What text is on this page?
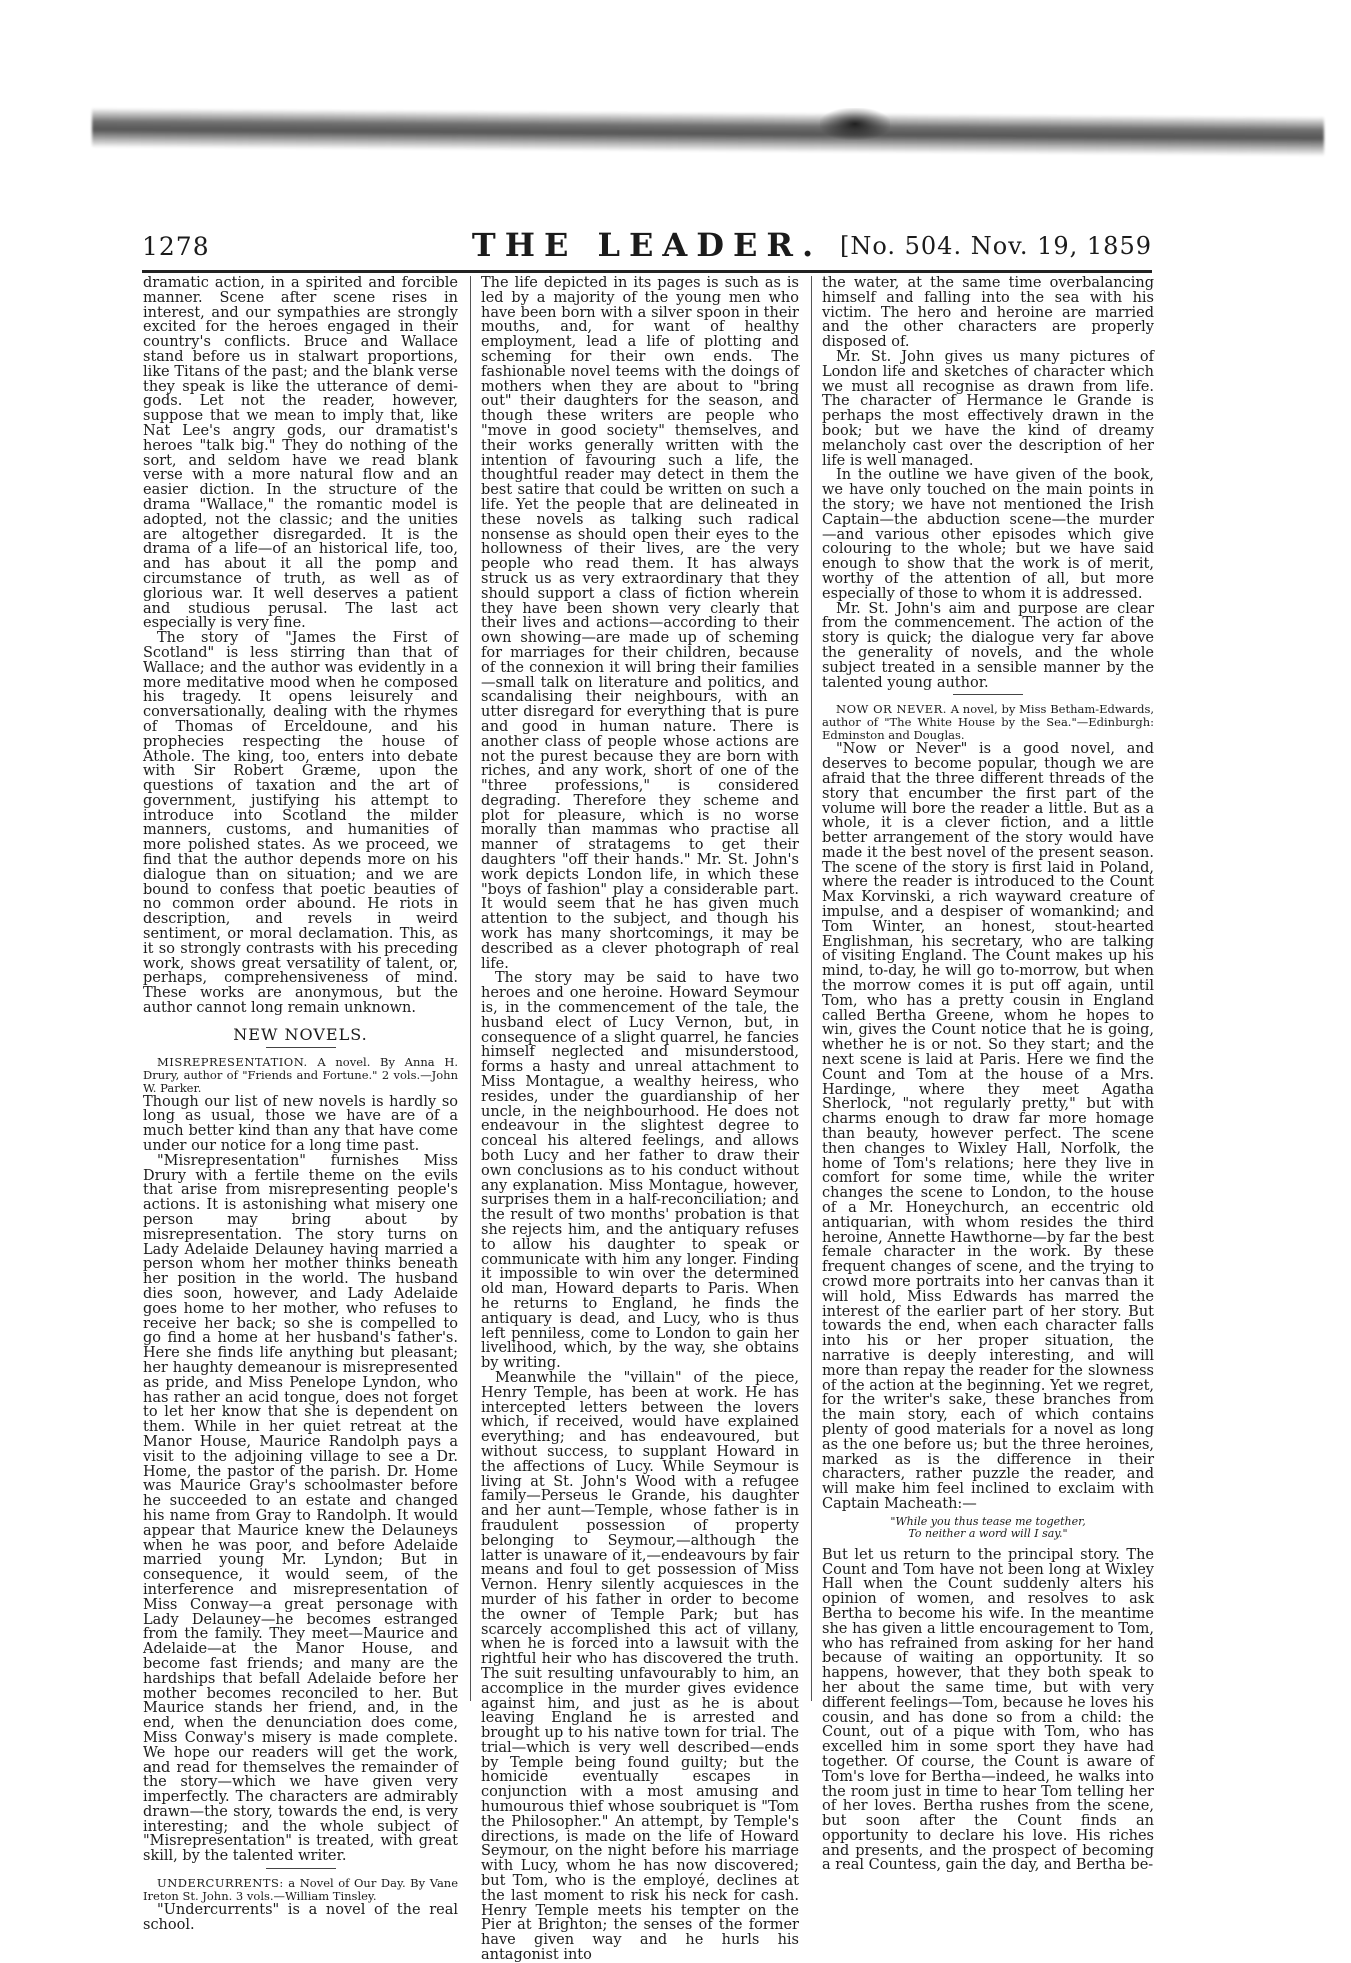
1278	THE LEADER. [No. 504. Nov. 19, 1859

dramatic action, in a spirited and forcible manner. Scene after scene rises in interest, and our sympathies are strongly excited for the heroes engaged in their country's conflicts. Bruce and Wallace stand before us in stalwart proportions, like Titans of the past; and the blank verse they speak is like the utterance of demi-gods. Let not the reader, however, suppose that we mean to imply that, like Nat Lee's angry gods, our dramatist's heroes "talk big." They do nothing of the sort, and seldom have we read blank verse with a more natural flow and an easier diction. In the structure of the drama "Wallace," the romantic model is adopted, not the classic; and the unities are altogether disregarded. It is the drama of a life—of an historical life, too, and has about it all the pomp and circumstance of truth, as well as of glorious war. It well deserves a patient and studious perusal. The last act especially is very fine.

The story of "James the First of Scotland" is less stirring than that of Wallace; and the author was evidently in a more meditative mood when he composed his tragedy. It opens leisurely and conversationally, dealing with the rhymes of Thomas of Erceldoune, and his prophecies respecting the house of Athole. The king, too, enters into debate with Sir Robert Græme, upon the questions of taxation and the art of government, justifying his attempt to introduce into Scotland the milder manners, customs, and humanities of more polished states. As we proceed, we find that the author depends more on his dialogue than on situation; and we are bound to confess that poetic beauties of no common order abound. He riots in description, and revels in weird sentiment, or moral declamation. This, as it so strongly contrasts with his preceding work, shows great versatility of talent, or, perhaps, comprehensiveness of mind. These works are anonymous, but the author cannot long remain unknown.

NEW NOVELS.

MISREPRESENTATION. A novel. By Anna H. Drury, author of "Friends and Fortune." 2 vols.—John W. Parker.

Though our list of new novels is hardly so long as usual, those we have are of a much better kind than any that have come under our notice for a long time past.

"Misrepresentation" furnishes Miss Drury with a fertile theme on the evils that arise from misrepresenting people's actions. It is astonishing what misery one person may bring about by misrepresentation. The story turns on Lady Adelaide Delauney having married a person whom her mother thinks beneath her position in the world. The husband dies soon, however, and Lady Adelaide goes home to her mother, who refuses to receive her back; so she is compelled to go find a home at her husband's father's. Here she finds life anything but pleasant; her haughty demeanour is misrepresented as pride, and Miss Penelope Lyndon, who has rather an acid tongue, does not forget to let her know that she is dependent on them. While in her quiet retreat at the Manor House, Maurice Randolph pays a visit to the adjoining village to see a Dr. Home, the pastor of the parish. Dr. Home was Maurice Gray's schoolmaster before he succeeded to an estate and changed his name from Gray to Randolph. It would appear that Maurice knew the Delauneys when he was poor, and before Adelaide married young Mr. Lyndon; But in consequence, it would seem, of the interference and misrepresentation of Miss Conway—a great personage with Lady Delauney—he becomes estranged from the family. They meet—Maurice and Adelaide—at the Manor House, and become fast friends; and many are the hardships that befall Adelaide before her mother becomes reconciled to her. But Maurice stands her friend, and, in the end, when the denunciation does come, Miss Conway's misery is made complete. We hope our readers will get the work, and read for themselves the remainder of the story—which we have given very imperfectly. The characters are admirably drawn—the story, towards the end, is very interesting; and the whole subject of "Misrepresentation" is treated, with great skill, by the talented writer.

UNDERCURRENTS: a Novel of Our Day. By Vane Ireton St. John. 3 vols.—William Tinsley.

"Undercurrents" is a novel of the real school.

The life depicted in its pages is such as is led by a majority of the young men who have been born with a silver spoon in their mouths, and, for want of healthy employment, lead a life of plotting and scheming for their own ends. The fashionable novel teems with the doings of mothers when they are about to "bring out" their daughters for the season, and though these writers are people who "move in good society" themselves, and their works generally written with the intention of favouring such a life, the thoughtful reader may detect in them the best satire that could be written on such a life. Yet the people that are delineated in these novels as talking such radical nonsense as should open their eyes to the hollowness of their lives, are the very people who read them. It has always struck us as very extraordinary that they should support a class of fiction wherein they have been shown very clearly that their lives and actions—according to their own showing—are made up of scheming for marriages for their children, because of the connexion it will bring their families—small talk on literature and politics, and scandalising their neighbours, with an utter disregard for everything that is pure and good in human nature. There is another class of people whose actions are not the purest because they are born with riches, and any work, short of one of the "three professions," is considered degrading. Therefore they scheme and plot for pleasure, which is no worse morally than mammas who practise all manner of stratagems to get their daughters "off their hands." Mr. St. John's work depicts London life, in which these "boys of fashion" play a considerable part. It would seem that he has given much attention to the subject, and though his work has many shortcomings, it may be described as a clever photograph of real life.

The story may be said to have two heroes and one heroine. Howard Seymour is, in the commencement of the tale, the husband elect of Lucy Vernon, but, in consequence of a slight quarrel, he fancies himself neglected and misunderstood, forms a hasty and unreal attachment to Miss Montague, a wealthy heiress, who resides, under the guardianship of her uncle, in the neighbourhood. He does not endeavour in the slightest degree to conceal his altered feelings, and allows both Lucy and her father to draw their own conclusions as to his conduct without any explanation. Miss Montague, however, surprises them in a half-reconciliation; and the result of two months' probation is that she rejects him, and the antiquary refuses to allow his daughter to speak or communicate with him any longer. Finding it impossible to win over the determined old man, Howard departs to Paris. When he returns to England, he finds the antiquary is dead, and Lucy, who is thus left penniless, come to London to gain her livelihood, which, by the way, she obtains by writing.

Meanwhile the "villain" of the piece, Henry Temple, has been at work. He has intercepted letters between the lovers which, if received, would have explained everything; and has endeavoured, but without success, to supplant Howard in the affections of Lucy. While Seymour is living at St. John's Wood with a refugee family—Perseus le Grande, his daughter and her aunt—Temple, whose father is in fraudulent possession of property belonging to Seymour,—although the latter is unaware of it,—endeavours by fair means and foul to get possession of Miss Vernon. Henry silently acquiesces in the murder of his father in order to become the owner of Temple Park; but has scarcely accomplished this act of villany, when he is forced into a lawsuit with the rightful heir who has discovered the truth. The suit resulting unfavourably to him, an accomplice in the murder gives evidence against him, and just as he is about leaving England he is arrested and brought up to his native town for trial. The trial—which is very well described—ends by Temple being found guilty; but the homicide eventually escapes in conjunction with a most amusing and humourous thief whose soubriquet is "Tom the Philosopher." An attempt, by Temple's directions, is made on the life of Howard Seymour, on the night before his marriage with Lucy, whom he has now discovered; but Tom, who is the employé, declines at the last moment to risk his neck for cash. Henry Temple meets his tempter on the Pier at Brighton; the senses of the former have given way and he hurls his antagonist into

the water, at the same time overbalancing himself and falling into the sea with his victim. The hero and heroine are married and the other characters are properly disposed of.

Mr. St. John gives us many pictures of London life and sketches of character which we must all recognise as drawn from life. The character of Hermance le Grande is perhaps the most effectively drawn in the book; but we have the kind of dreamy melancholy cast over the description of her life is well managed.

In the outline we have given of the book, we have only touched on the main points in the story; we have not mentioned the Irish Captain—the abduction scene—the murder—and various other episodes which give colouring to the whole; but we have said enough to show that the work is of merit, worthy of the attention of all, but more especially of those to whom it is addressed.

Mr. St. John's aim and purpose are clear from the commencement. The action of the story is quick; the dialogue very far above the generality of novels, and the whole subject treated in a sensible manner by the talented young author.

NOW OR NEVER. A novel, by Miss Betham-Edwards, author of "The White House by the Sea."—Edinburgh: Edminston and Douglas.

"Now or Never" is a good novel, and deserves to become popular, though we are afraid that the three different threads of the story that encumber the first part of the volume will bore the reader a little. But as a whole, it is a clever fiction, and a little better arrangement of the story would have made it the best novel of the present season. The scene of the story is first laid in Poland, where the reader is introduced to the Count Max Korvinski, a rich wayward creature of impulse, and a despiser of womankind; and Tom Winter, an honest, stout-hearted Englishman, his secretary, who are talking of visiting England. The Count makes up his mind, to-day, he will go to-morrow, but when the morrow comes it is put off again, until Tom, who has a pretty cousin in England called Bertha Greene, whom he hopes to win, gives the Count notice that he is going, whether he is or not. So they start; and the next scene is laid at Paris. Here we find the Count and Tom at the house of a Mrs. Hardinge, where they meet Agatha Sherlock, "not regularly pretty," but with charms enough to draw far more homage than beauty, however perfect. The scene then changes to Wixley Hall, Norfolk, the home of Tom's relations; here they live in comfort for some time, while the writer changes the scene to London, to the house of a Mr. Honeychurch, an eccentric old antiquarian, with whom resides the third heroine, Annette Hawthorne—by far the best female character in the work. By these frequent changes of scene, and the trying to crowd more portraits into her canvas than it will hold, Miss Edwards has marred the interest of the earlier part of her story. But towards the end, when each character falls into his or her proper situation, the narrative is deeply interesting, and will more than repay the reader for the slowness of the action at the beginning. Yet we regret, for the writer's sake, these branches from the main story, each of which contains plenty of good materials for a novel as long as the one before us; but the three heroines, marked as is the difference in their characters, rather puzzle the reader, and will make him feel inclined to exclaim with Captain Macheath:—

"While you thus tease me together,
To neither a word will I say."

But let us return to the principal story. The Count and Tom have not been long at Wixley Hall when the Count suddenly alters his opinion of women, and resolves to ask Bertha to become his wife. In the meantime she has given a little encouragement to Tom, who has refrained from asking for her hand because of waiting an opportunity. It so happens, however, that they both speak to her about the same time, but with very different feelings—Tom, because he loves his cousin, and has done so from a child: the Count, out of a pique with Tom, who has excelled him in some sport they have had together. Of course, the Count is aware of Tom's love for Bertha—indeed, he walks into the room just in time to hear Tom telling her of her loves. Bertha rushes from the scene, but soon after the Count finds an opportunity to declare his love. His riches and presents, and the prospect of becoming a real Countess, gain the day, and Bertha be-
